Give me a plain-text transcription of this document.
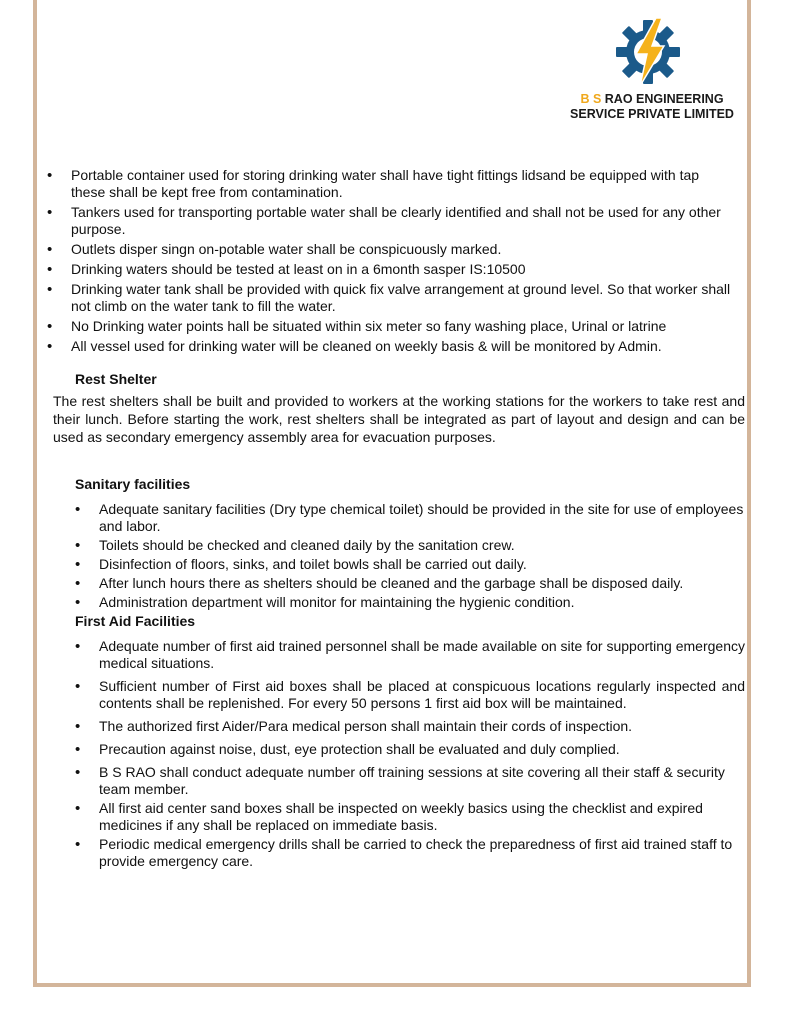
B S RAO ENGINEERING
SERVICE PRIVATE LIMITED
• Portable container used for storing drinking water shall have tight fittings lidsand be equipped with tap these shall be kept free from contamination.
• Tankers used for transporting portable water shall be clearly identified and shall not be used for any other purpose.
• Outlets disper singn on-potable water shall be conspicuously marked.
• Drinking waters should be tested at least on in a 6month sasper IS:10500
• Drinking water tank shall be provided with quick fix valve arrangement at ground level. So that worker shall not climb on the water tank to fill the water.
• No Drinking water points hall be situated within six meter so fany washing place, Urinal or latrine
• All vessel used for drinking water will be cleaned on weekly basis & will be monitored by Admin.
Rest Shelter

The rest shelters shall be built and provided to workers at the working stations for the workers to take rest and their lunch. Before starting the work, rest shelters shall be integrated as part of layout and design and can be used as secondary emergency assembly area for evacuation purposes.

Sanitary facilities
• Adequate sanitary facilities (Dry type chemical toilet) should be provided in the site for use of employees and labor.
• Toilets should be checked and cleaned daily by the sanitation crew.
• Disinfection of floors, sinks, and toilet bowls shall be carried out daily.
• After lunch hours there as shelters should be cleaned and the garbage shall be disposed daily.
• Administration department will monitor for maintaining the hygienic condition.
First Aid Facilities
• Adequate number of first aid trained personnel shall be made available on site for supporting emergency medical situations.
• Sufficient number of First aid boxes shall be placed at conspicuous locations regularly inspected and contents shall be replenished. For every 50 persons 1 first aid box will be maintained.
• The authorized first Aider/Para medical person shall maintain their cords of inspection.
• Precaution against noise, dust, eye protection shall be evaluated and duly complied.
• B S RAO shall conduct adequate number off training sessions at site covering all their staff & security team member.
• All first aid center sand boxes shall be inspected on weekly basics using the checklist and expired medicines if any shall be replaced on immediate basis.
• Periodic medical emergency drills shall be carried to check the preparedness of first aid trained staff to provide emergency care.
